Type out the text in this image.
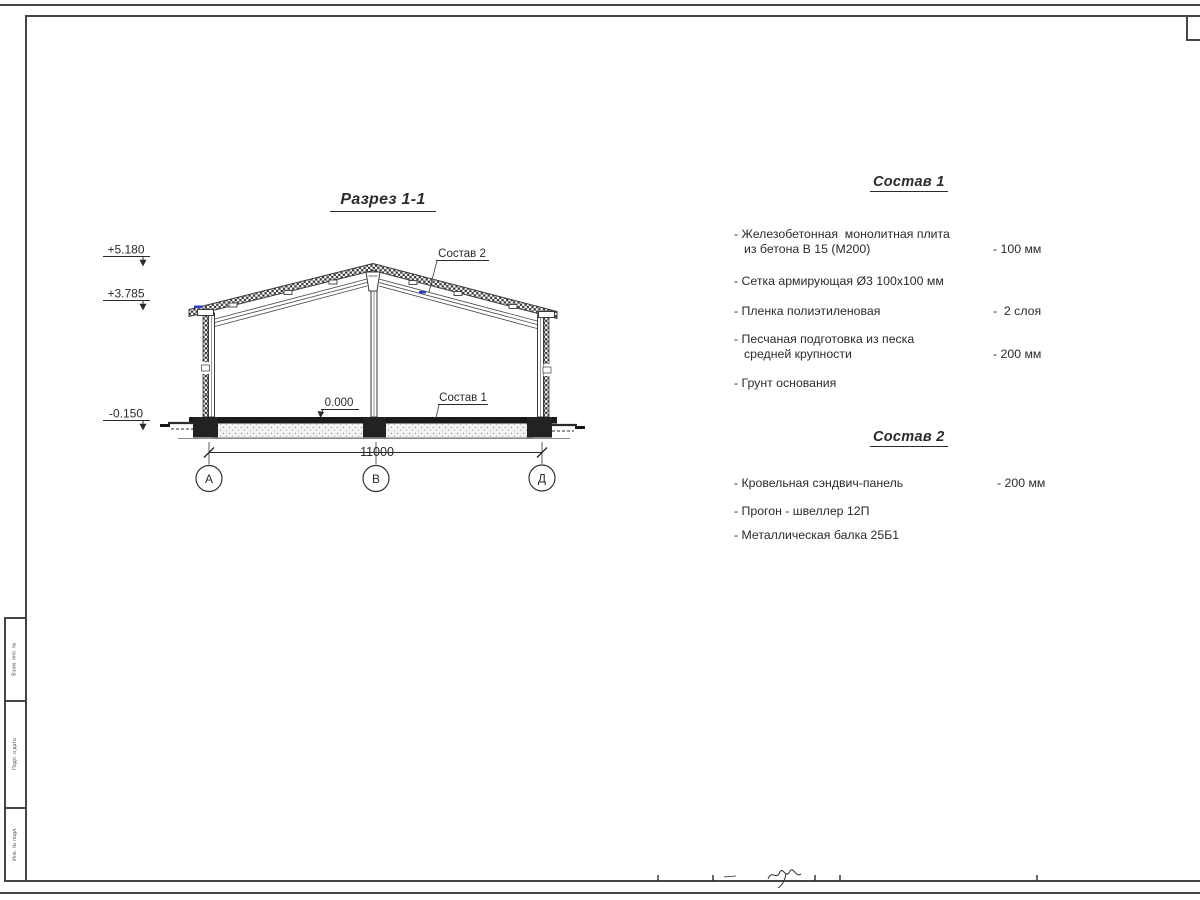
Взам. инв. №
Подп. и дата
Инв. № подл.
Разрез 1-1
0.000
Состав 2
Состав 1
+5.180
+3.785
-0.150
11000
А	В	Д
Состав 1
- Железобетонная  монолитная плита
из бетона В 15 (М200)	- 100 мм
- Сетка армирующая Ø3 100х100 мм
- Пленка полиэтиленовая	-  2 слоя
- Песчаная подготовка из песка
средней крупности	- 200 мм
- Грунт основания
Состав 2
- Кровельная сэндвич-панель	- 200 мм
- Прогон - швеллер 12П
- Металлическая балка 25Б1
